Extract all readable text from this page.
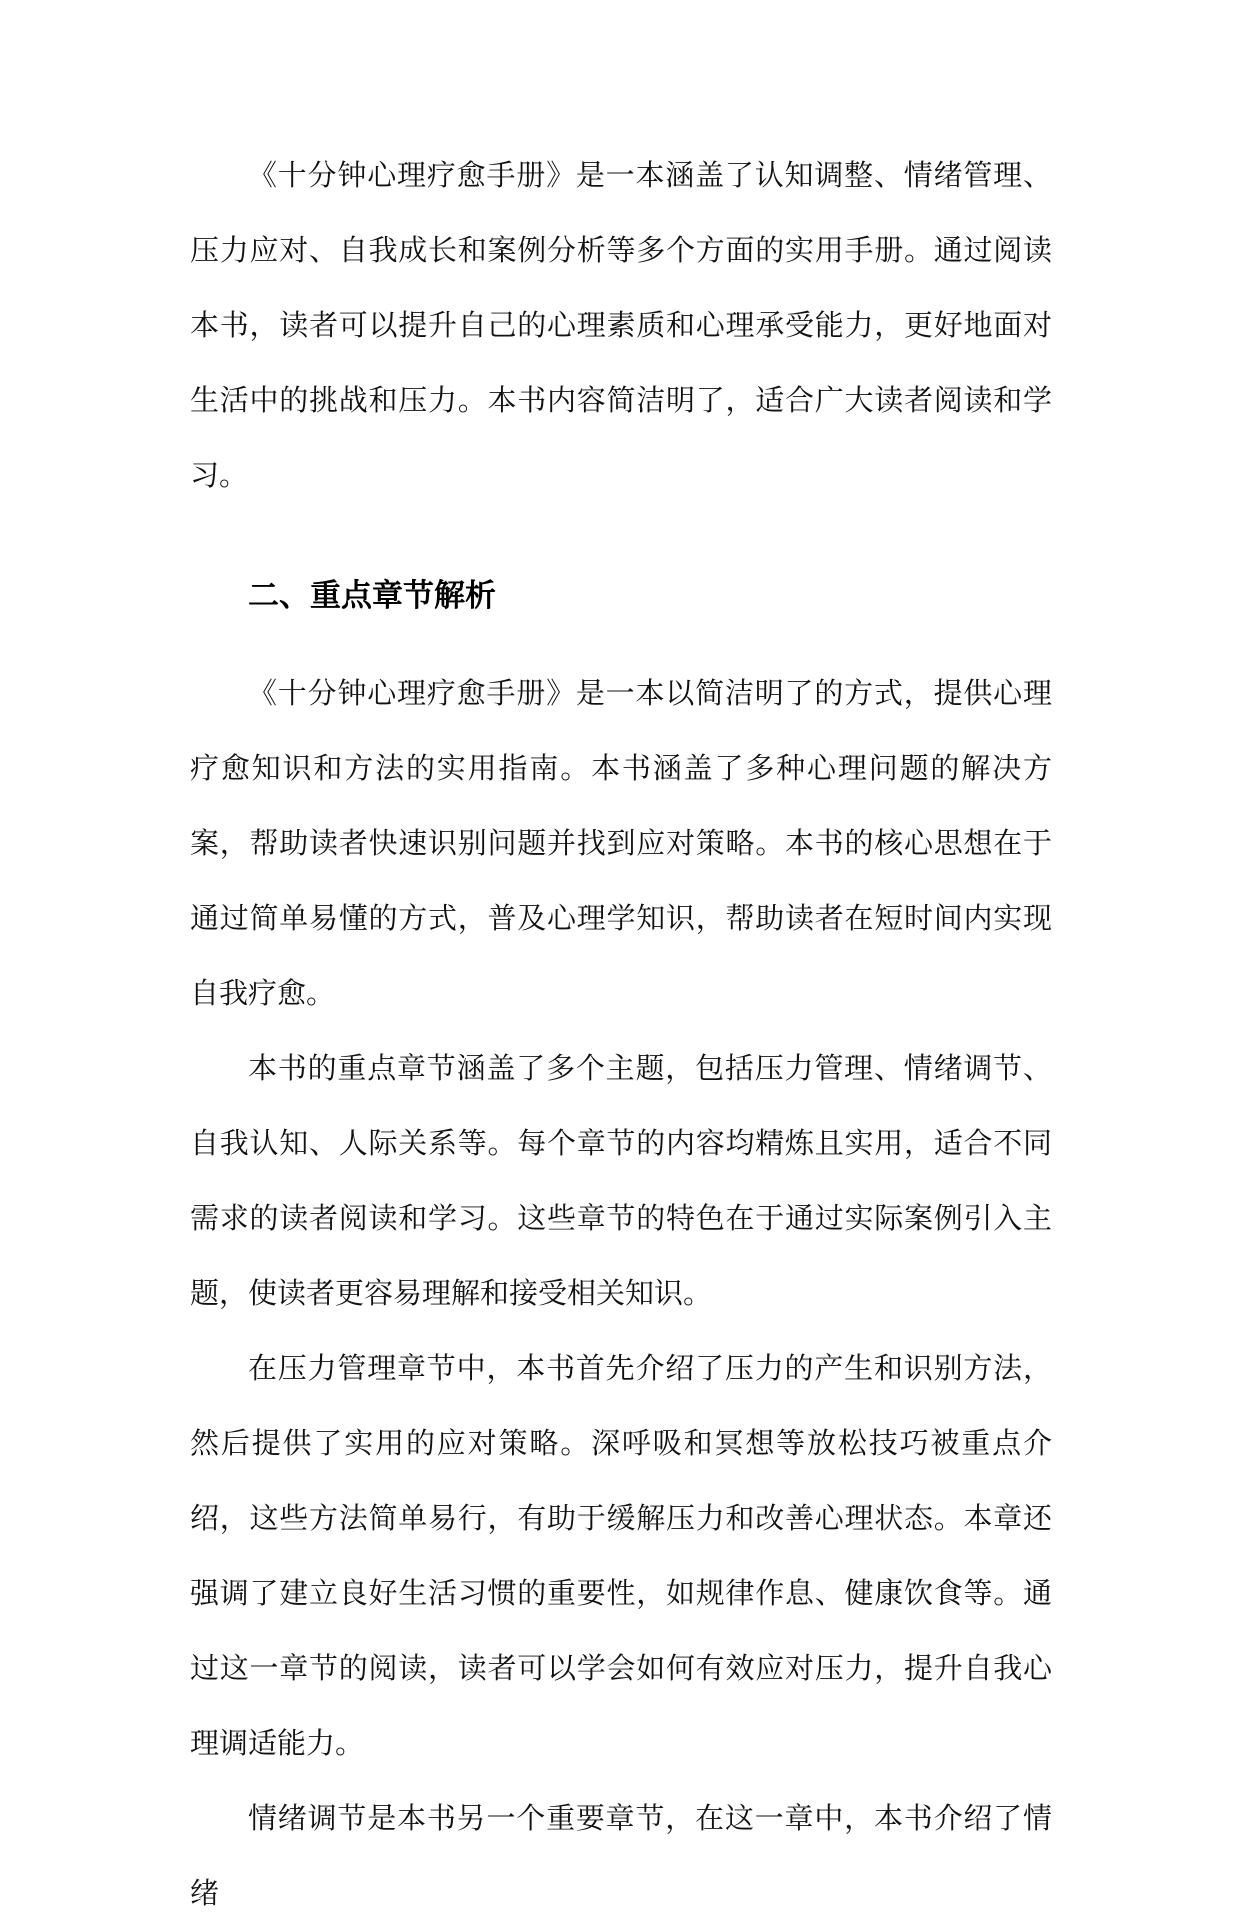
《十分钟心理疗愈手册》是一本涵盖了认知调整、情绪管理、压力应对、自我成长和案例分析等多个方面的实用手册。通过阅读本书，读者可以提升自己的心理素质和心理承受能力，更好地面对生活中的挑战和压力。本书内容简洁明了，适合广大读者阅读和学习。

二、重点章节解析

《十分钟心理疗愈手册》是一本以简洁明了的方式，提供心理疗愈知识和方法的实用指南。本书涵盖了多种心理问题的解决方案，帮助读者快速识别问题并找到应对策略。本书的核心思想在于通过简单易懂的方式，普及心理学知识，帮助读者在短时间内实现自我疗愈。

本书的重点章节涵盖了多个主题，包括压力管理、情绪调节、自我认知、人际关系等。每个章节的内容均精炼且实用，适合不同需求的读者阅读和学习。这些章节的特色在于通过实际案例引入主题，使读者更容易理解和接受相关知识。

在压力管理章节中，本书首先介绍了压力的产生和识别方法，然后提供了实用的应对策略。深呼吸和冥想等放松技巧被重点介绍，这些方法简单易行，有助于缓解压力和改善心理状态。本章还强调了建立良好生活习惯的重要性，如规律作息、健康饮食等。通过这一章节的阅读，读者可以学会如何有效应对压力，提升自我心理调适能力。

情绪调节是本书另一个重要章节，在这一章中，本书介绍了情绪
